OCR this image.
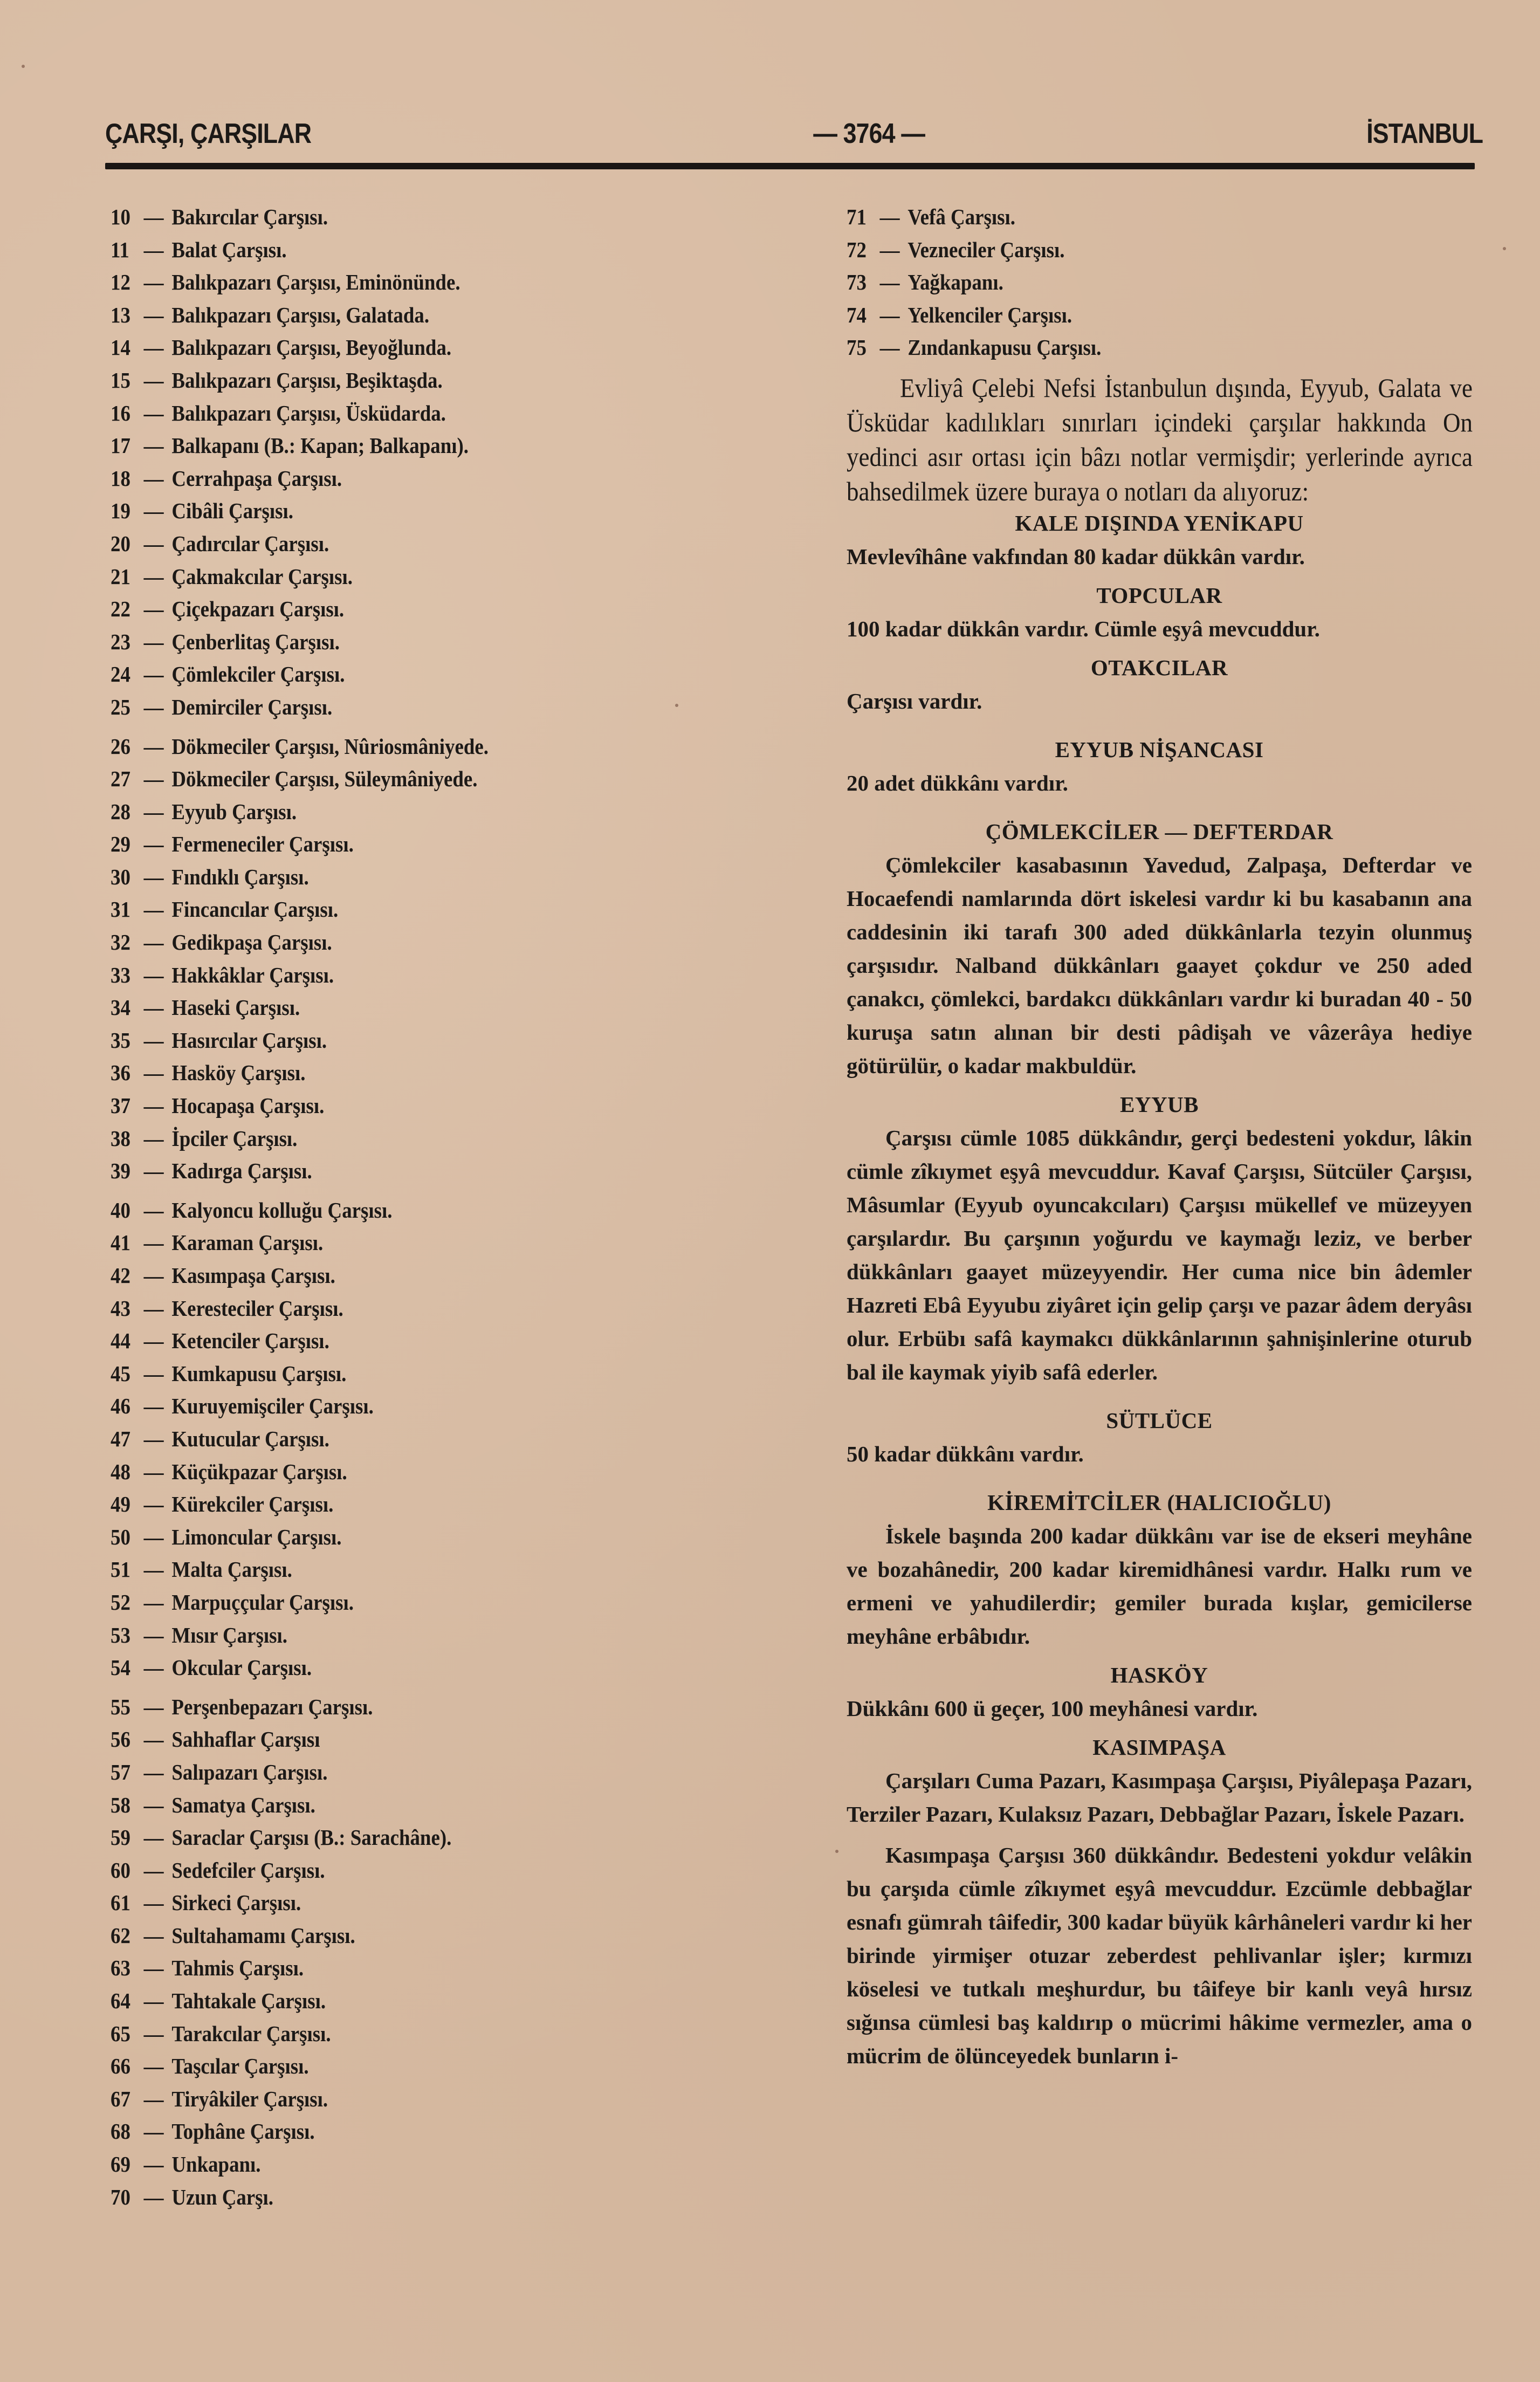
ÇARŞI, ÇARŞILAR	— 3764 —	İSTANBUL
10 — Bakırcılar Çarşısı.
11 — Balat Çarşısı.
12 — Balıkpazarı Çarşısı, Eminönünde.
13 — Balıkpazarı Çarşısı, Galatada.
14 — Balıkpazarı Çarşısı, Beyoğlunda.
15 — Balıkpazarı Çarşısı, Beşiktaşda.
16 — Balıkpazarı Çarşısı, Üsküdarda.
17 — Balkapanı (B.: Kapan; Balkapanı).
18 — Cerrahpaşa Çarşısı.
19 — Cibâli Çarşısı.
20 — Çadırcılar Çarşısı.
21 — Çakmakcılar Çarşısı.
22 — Çiçekpazarı Çarşısı.
23 — Çenberlitaş Çarşısı.
24 — Çömlekciler Çarşısı.
25 — Demirciler Çarşısı.
26 — Dökmeciler Çarşısı, Nûriosmâniyede.
27 — Dökmeciler Çarşısı, Süleymâniyede.
28 — Eyyub Çarşısı.
29 — Fermeneciler Çarşısı.
30 — Fındıklı Çarşısı.
31 — Fincancılar Çarşısı.
32 — Gedikpaşa Çarşısı.
33 — Hakkâklar Çarşısı.
34 — Haseki Çarşısı.
35 — Hasırcılar Çarşısı.
36 — Hasköy Çarşısı.
37 — Hocapaşa Çarşısı.
38 — İpciler Çarşısı.
39 — Kadırga Çarşısı.
40 — Kalyoncu kolluğu Çarşısı.
41 — Karaman Çarşısı.
42 — Kasımpaşa Çarşısı.
43 — Keresteciler Çarşısı.
44 — Ketenciler Çarşısı.
45 — Kumkapusu Çarşısı.
46 — Kuruyemişciler Çarşısı.
47 — Kutucular Çarşısı.
48 — Küçükpazar Çarşısı.
49 — Kürekciler Çarşısı.
50 — Limoncular Çarşısı.
51 — Malta Çarşısı.
52 — Marpuççular Çarşısı.
53 — Mısır Çarşısı.
54 — Okcular Çarşısı.
55 — Perşenbepazarı Çarşısı.
56 — Sahhaflar Çarşısı
57 — Salıpazarı Çarşısı.
58 — Samatya Çarşısı.
59 — Saraclar Çarşısı (B.: Sarachâne).
60 — Sedefciler Çarşısı.
61 — Sirkeci Çarşısı.
62 — Sultahamamı Çarşısı.
63 — Tahmis Çarşısı.
64 — Tahtakale Çarşısı.
65 — Tarakcılar Çarşısı.
66 — Taşcılar Çarşısı.
67 — Tiryâkiler Çarşısı.
68 — Tophâne Çarşısı.
69 — Unkapanı.
70 — Uzun Çarşı.
71 — Vefâ Çarşısı.
72 — Vezneciler Çarşısı.
73 — Yağkapanı.
74 — Yelkenciler Çarşısı.
75 — Zındankapusu Çarşısı.
Evliyâ Çelebi Nefsi İstanbulun dışında, Eyyub, Galata ve Üsküdar kadılıkları sınırları içindeki çarşılar hakkında On yedinci asır ortası için bâzı notlar vermişdir; yerlerinde ayrıca bahsedilmek üzere buraya o notları da alıyoruz:
KALE DIŞINDA YENİKAPU
Mevlevîhâne vakfından 80 kadar dükkân vardır.
TOPCULAR
100 kadar dükkân vardır. Cümle eşyâ mevcuddur.
OTAKCILAR
Çarşısı vardır.
EYYUB NİŞANCASI
20 adet dükkânı vardır.
ÇÖMLEKCİLER — DEFTERDAR
Çömlekciler kasabasının Yavedud, Zalpaşa, Defterdar ve Hocaefendi namlarında dört iskelesi vardır ki bu kasabanın ana caddesinin iki tarafı 300 aded dükkânlarla tezyin olunmuş çarşısıdır. Nalband dükkânları gaayet çokdur ve 250 aded çanakcı, çömlekci, bardakcı dükkânları vardır ki buradan 40 - 50 kuruşa satın alınan bir desti pâdişah ve vâzerâya hediye götürülür, o kadar makbuldür.
EYYUB
Çarşısı cümle 1085 dükkândır, gerçi bedesteni yokdur, lâkin cümle zîkıymet eşyâ mevcuddur. Kavaf Çarşısı, Sütcüler Çarşısı, Mâsumlar (Eyyub oyuncakcıları) Çarşısı mükellef ve müzeyyen çarşılardır. Bu çarşının yoğurdu ve kaymağı leziz, ve berber dükkânları gaayet müzeyyendir. Her cuma nice bin âdemler Hazreti Ebâ Eyyubu ziyâret için gelip çarşı ve pazar âdem deryâsı olur. Erbübı safâ kaymakcı dükkânlarının şahnişinlerine oturub bal ile kaymak yiyib safâ ederler.
SÜTLÜCE
50 kadar dükkânı vardır.
KİREMİTCİLER (HALICIOĞLU)
İskele başında 200 kadar dükkânı var ise de ekseri meyhâne ve bozahânedir, 200 kadar kiremidhânesi vardır. Halkı rum ve ermeni ve yahudilerdir; gemiler burada kışlar, gemicilerse meyhâne erbâbıdır.
HASKÖY
Dükkânı 600 ü geçer, 100 meyhânesi vardır.
KASIMPAŞA
Çarşıları Cuma Pazarı, Kasımpaşa Çarşısı, Piyâlepaşa Pazarı, Terziler Pazarı, Kulaksız Pazarı, Debbağlar Pazarı, İskele Pazarı.
Kasımpaşa Çarşısı 360 dükkândır. Bedesteni yokdur velâkin bu çarşıda cümle zîkıymet eşyâ mevcuddur. Ezcümle debbağlar esnafı gümrah tâifedir, 300 kadar büyük kârhâneleri vardır ki her birinde yirmişer otuzar zeberdest pehlivanlar işler; kırmızı köselesi ve tutkalı meşhurdur, bu tâifeye bir kanlı veyâ hırsız sığınsa cümlesi baş kaldırıp o mücrimi hâkime vermezler, ama o mücrim de ölünceyedek bunların i-
